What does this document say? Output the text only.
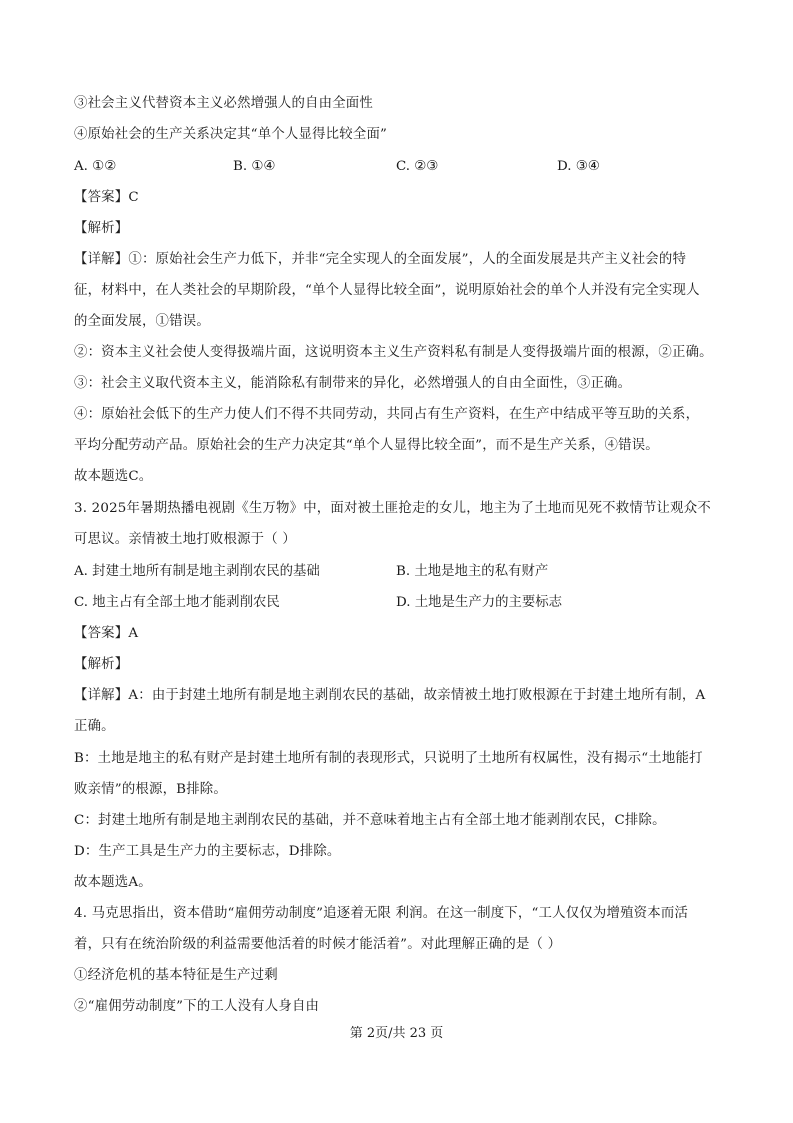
③社会主义代替资本主义必然增强人的自由全面性
④原始社会的生产关系决定其“单个人显得比较全面”
A. ①②	B. ①④	C. ②③	D. ③④
【答案】C
【解析】
【详解】①：原始社会生产力低下，并非“完全实现人的全面发展”，人的全面发展是共产主义社会的特
征，材料中，在人类社会的早期阶段，“单个人显得比较全面”，说明原始社会的单个人并没有完全实现人
的全面发展，①错误。
②：资本主义社会使人变得扱端片面，这说明资本主义生产资料私有制是人变得扱端片面的根源，②正确。
③：社会主义取代资本主义，能消除私有制带来的异化，必然增强人的自由全面性，③正确。
④：原始社会低下的生产力使人们不得不共同劳动，共同占有生产资料，在生产中结成平等互助的关系，
平均分配劳动产品。原始社会的生产力决定其“单个人显得比较全面”，而不是生产关系，④错误。
故本题选C。
3. 2025年暑期热播电视剧《生万物》中，面对被土匪抢走的女儿，地主为了土地而见死不救情节让观众不
可思议。亲情被土地打败根源于（ ）
A. 封建土地所有制是地主剥削农民的基础	B. 土地是地主的私有财产
C. 地主占有全部土地才能剥削农民	D. 土地是生产力的主要标志
【答案】A
【解析】
【详解】A：由于封建土地所有制是地主剥削农民的基础，故亲情被土地打败根源在于封建土地所有制，A
正确。
B：土地是地主的私有财产是封建土地所有制的表现形式，只说明了土地所有权属性，没有揭示“土地能打
败亲情”的根源，B排除。
C：封建土地所有制是地主剥削农民的基础，并不意味着地主占有全部土地才能剥削农民，C排除。
D：生产工具是生产力的主要标志，D排除。
故本题选A。
4. 马克思指出，资本借助“雇佣劳动制度”追逐着无限 利润。在这一制度下，“工人仅仅为增殖资本而活
着，只有在统治阶级的利益需要他活着的时候才能活着”。对此理解正确的是（ ）
①经济危机的基本特征是生产过剩
②“雇佣劳动制度”下的工人没有人身自由
第 2页/共 23 页
